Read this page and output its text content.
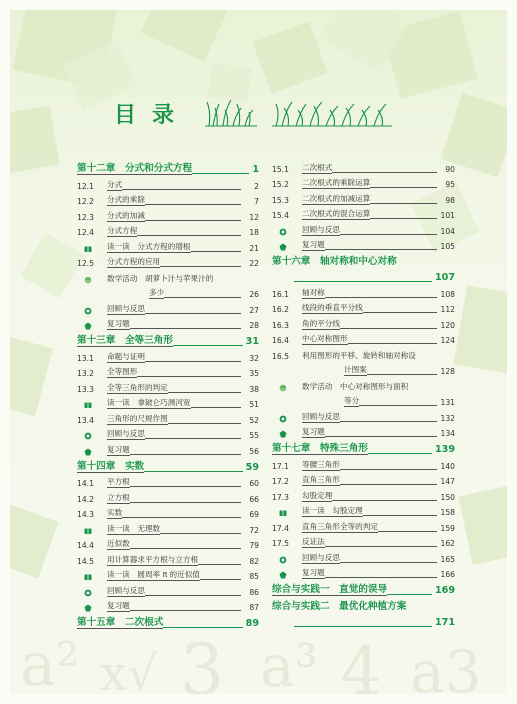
a² x√ 3 a³ 4 a3
目录
第十二章　分式和分式方程	1
12.1	分式	2
12.2	分式的乘除	7
12.3	分式的加减	12
12.4	分式方程	18
读一读　分式方程的增根	21
12.5	分式方程的应用	22
数学活动　胡萝卜汁与苹果汁的
多少	26
回顾与反思	27
复习题	28
第十三章　全等三角形	31
13.1	命题与证明	32
13.2	全等图形	35
13.3	全等三角形的判定	38
读一读　拿破仑巧测河宽	51
13.4	三角形的尺规作图	52
回顾与反思	55
复习题	56
第十四章　实数	59
14.1	平方根	60
14.2	立方根	66
14.3	实数	69
读一读　无理数	72
14.4	近似数	79
14.5	用计算器求平方根与立方根	82
读一读　圆周率 π 的近似值	85
回顾与反思	86
复习题	87
第十五章　二次根式	89
15.1	二次根式	90
15.2	二次根式的乘除运算	95
15.3	二次根式的加减运算	98
15.4	二次根式的混合运算	101
回顾与反思	104
复习题	105
第十六章　轴对称和中心对称
107
16.1	轴对称	108
16.2	线段的垂直平分线	112
16.3	角的平分线	120
16.4	中心对称图形	124
16.5	利用图形的平移、旋转和轴对称设
计图案	128
数学活动　中心对称图形与面积
等分	131
回顾与反思	132
复习题	134
第十七章　特殊三角形	139
17.1	等腰三角形	140
17.2	直角三角形	147
17.3	勾股定理	150
读一读　勾股定理	158
17.4	直角三角形全等的判定	159
17.5	反证法	162
回顾与反思	165
复习题	166
综合与实践一　直觉的误导	169
综合与实践二　最优化种植方案
171
